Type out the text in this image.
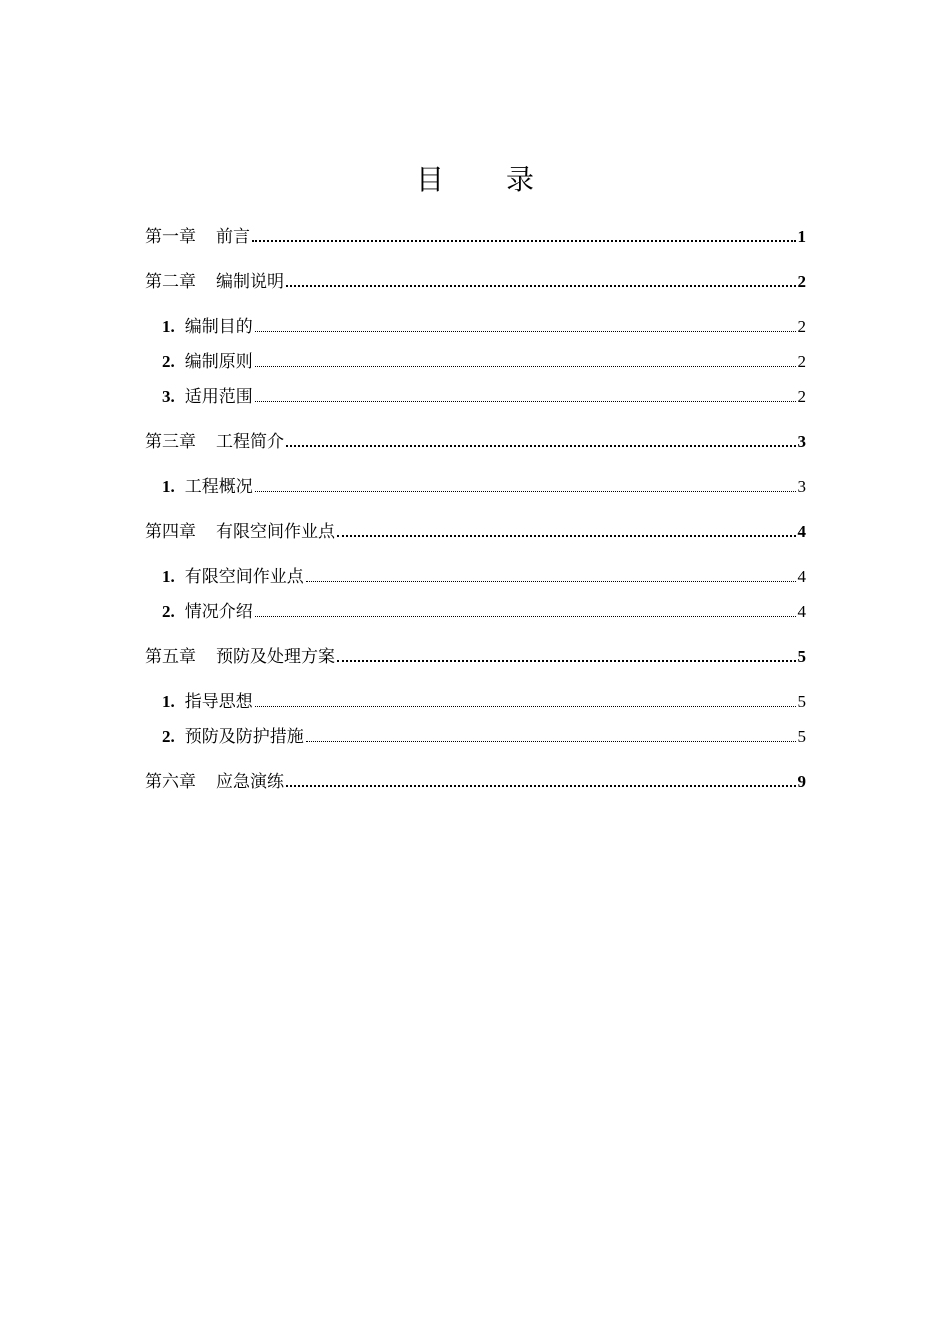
目 录
第一章 前言	1
第二章 编制说明	2
1 . 编制目的	2
2 . 编制原则	2
3 . 适用范围	2
第三章 工程简介	3
1 . 工程概况	3
第四章 有限空间作业点	4
1 . 有限空间作业点	4
2 . 情况介绍	4
第五章 预防及处理方案	5
1 . 指导思想	5
2 . 预防及防护措施	5
第六章 应急演练	9
